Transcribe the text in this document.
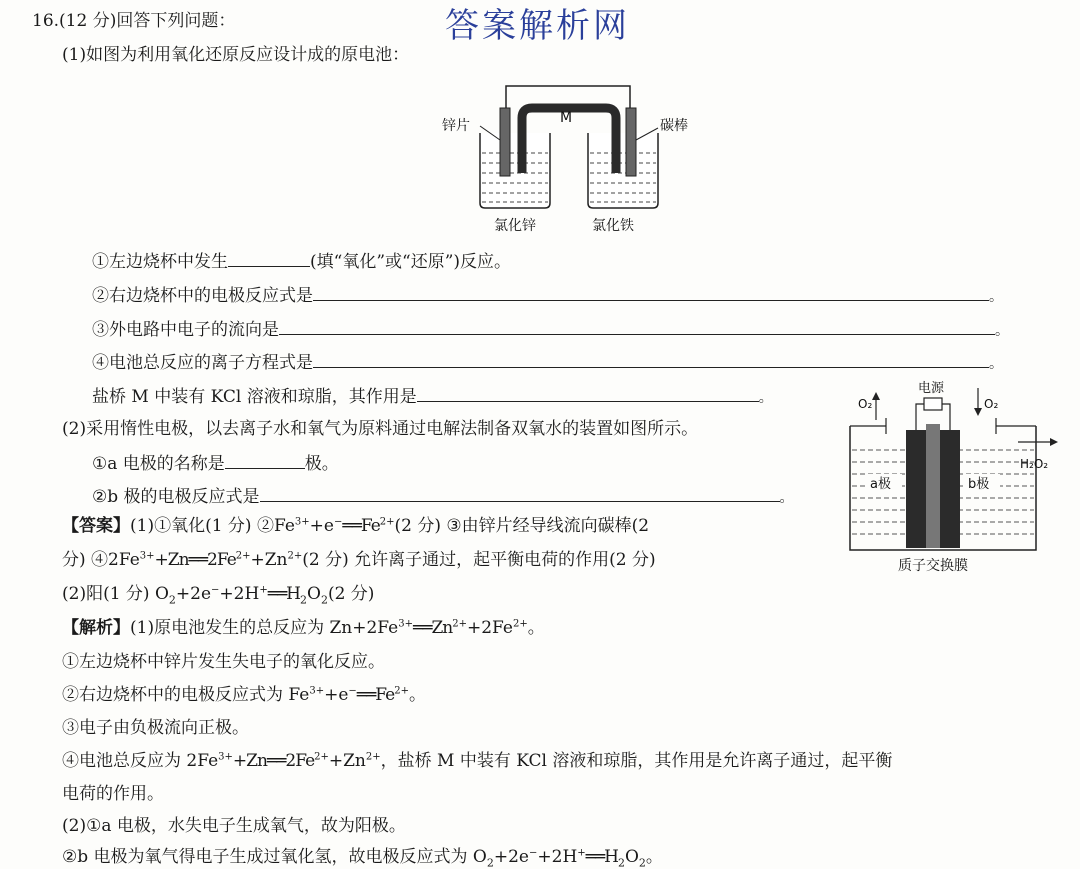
答案解析网
16.(12 分)回答下列问题：
(1)如图为利用氧化还原反应设计成的原电池：
锌片	M	碳棒
氯化锌	氯化铁
①左边烧杯中发生	(填“氧化”或“还原”)反应。
②右边烧杯中的电极反应式是	。
③外电路中电子的流向是	。
④电池总反应的离子方程式是	。
盐桥 M 中装有 KCl 溶液和琼脂，其作用是	。
(2)采用惰性电极，以去离子水和氧气为原料通过电解法制备双氧水的装置如图所示。
①a 电极的名称是	极。
②b 极的电极反应式是	。
电源
O₂	O₂
H₂O₂
a极	b极
质子交换膜
【答案】(1)①氧化(1 分) $②Fe^{3+}+e^-══Fe^{2+}(2$ 分) ③由锌片经导线流向碳棒(2
分) $④2Fe^{3+}+Zn══2Fe^{2+}+Zn^{2+}(2$ 分) 允许离子通过，起平衡电荷的作用(2 分)
(2)阳(1 分) $O_2+2e^-+2H^+══H_2O_2(2$ 分)
【解析】(1)原电池发生的总反应为 $Zn+2Fe^{3+}══Zn^{2+}+2Fe^{2+}$。
①左边烧杯中锌片发生失电子的氧化反应。
②右边烧杯中的电极反应式为 $Fe^{3+}+e^-══Fe^{2+}$。
③电子由负极流向正极。
④电池总反应为 $2Fe^{3+}+Zn══2Fe^{2+}+Zn^{2+}$，盐桥 M 中装有 KCl 溶液和琼脂，其作用是允许离子通过，起平衡
电荷的作用。
(2)①a 电极，水失电子生成氧气，故为阳极。
②b 电极为氧气得电子生成过氧化氢，故电极反应式为 $O_2+2e^-+2H^+══H_2O_2$。
